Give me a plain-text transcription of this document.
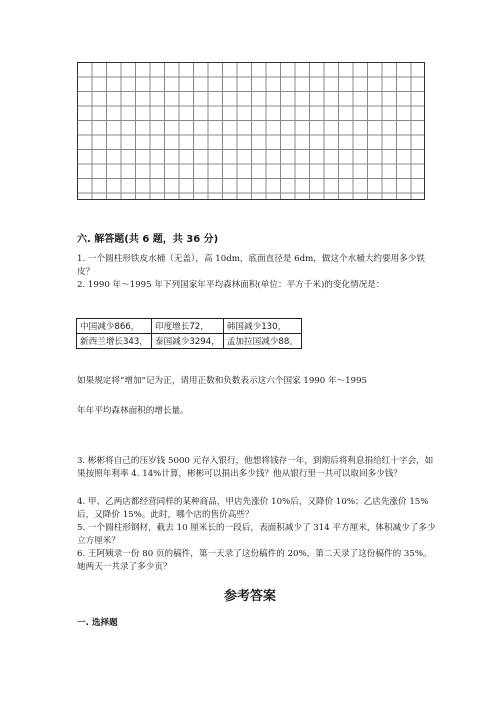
六. 解答题(共 6 题，共 36 分)

1. 一个圆柱形铁皮水桶（无盖），高 10dm，底面直径是 6dm，做这个水桶大约要用多少铁皮？

2. 1990 年～1995 年下列国家年平均森林面积(单位：平方千米)的变化情况是：

中国减少866，	印度增长72，	韩国减少130，
新西兰增长343，	泰国减少3294，	孟加拉国减少88。

如果规定将“增加”记为正，请用正数和负数表示这六个国家 1990 年～1995

年年平均森林面积的增长量。

3. 彬彬将自己的压岁钱 5000 元存入银行，他想将钱存一年，到期后将利息捐给红十字会，如果按照年利率 4. 14%计算，彬彬可以捐出多少钱？他从银行里一共可以取回多少钱？

4. 甲、乙两店都经营同样的某种商品，甲店先涨价 10%后，又降价 10%；乙店先涨价 15%后，又降价 15%。此时，哪个店的售价高些？

5. 一个圆柱形钢材，截去 10 厘米长的一段后，表面积减少了 314 平方厘米，体积减少了多少立方厘米？

6. 王阿姨录一份 80 页的稿件，第一天录了这份稿件的 20%，第二天录了这份稿件的 35%。她两天一共录了多少页？

参考答案
一. 选择题
